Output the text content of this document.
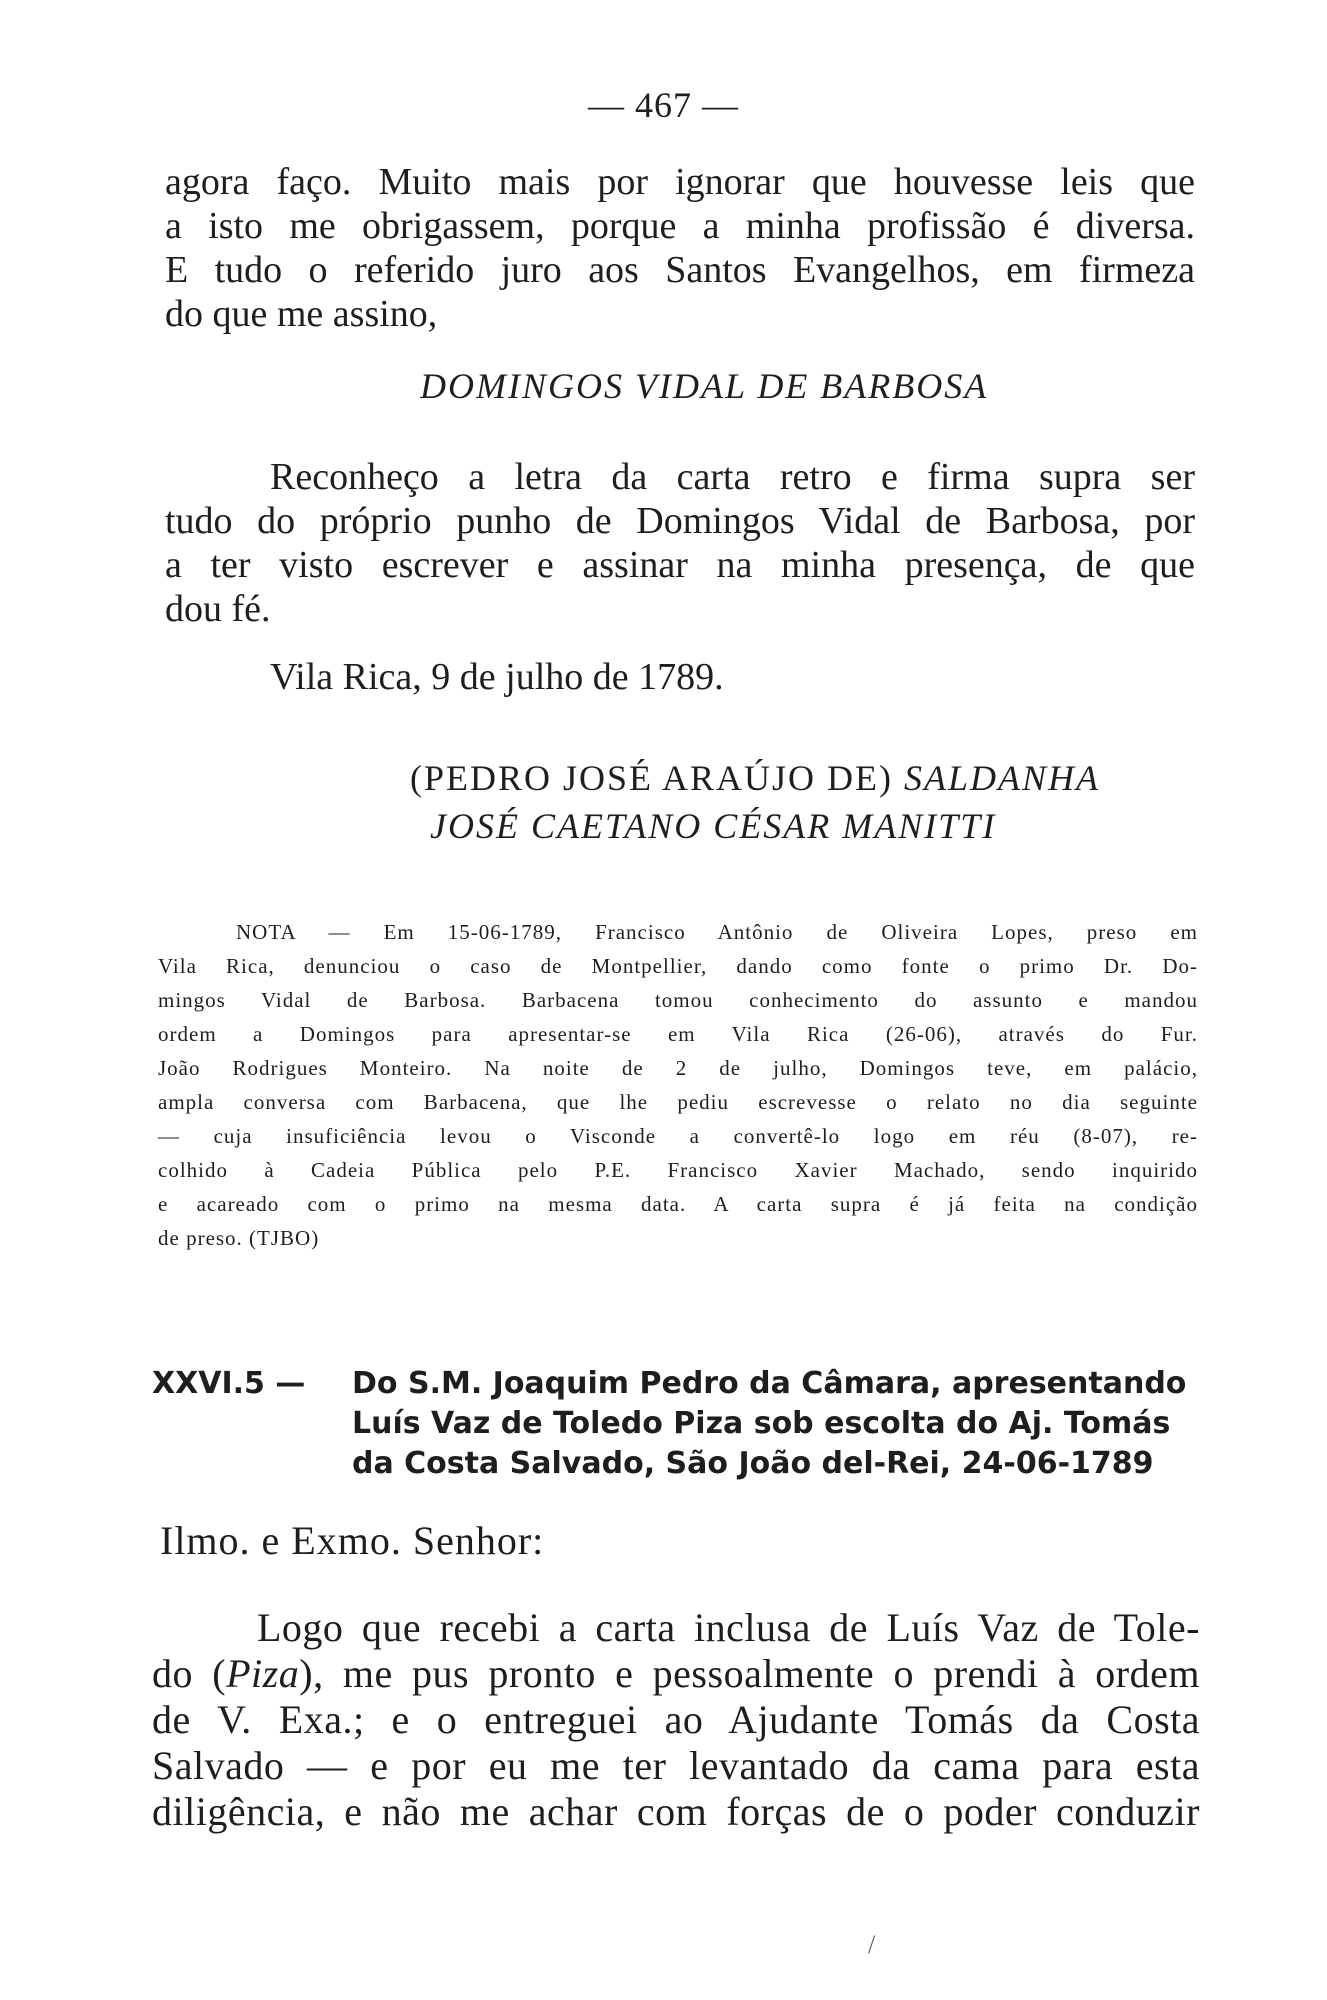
— 467 —
agora faço. Muito mais por ignorar que houvesse leis que
a isto me obrigassem, porque a minha profissão é diversa.
E tudo o referido juro aos Santos Evangelhos, em firmeza
do que me assino,
DOMINGOS VIDAL DE BARBOSA
Reconheço a letra da carta retro e firma supra ser
tudo do próprio punho de Domingos Vidal de Barbosa, por
a ter visto escrever e assinar na minha presença, de que
dou fé.
Vila Rica, 9 de julho de 1789.
(PEDRO JOSÉ ARAÚJO DE) SALDANHA
JOSÉ CAETANO CÉSAR MANITTI
NOTA — Em 15-06-1789, Francisco Antônio de Oliveira Lopes, preso em
Vila Rica, denunciou o caso de Montpellier, dando como fonte o primo Dr. Do-
mingos Vidal de Barbosa. Barbacena tomou conhecimento do assunto e mandou
ordem a Domingos para apresentar-se em Vila Rica (26-06), através do Fur.
João Rodrigues Monteiro. Na noite de 2 de julho, Domingos teve, em palácio,
ampla conversa com Barbacena, que lhe pediu escrevesse o relato no dia seguinte
— cuja insuficiência levou o Visconde a convertê-lo logo em réu (8-07), re-
colhido à Cadeia Pública pelo P.E. Francisco Xavier Machado, sendo inquirido
e acareado com o primo na mesma data. A carta supra é já feita na condição
de preso. (TJBO)
XXVI.5 — Do S.M. Joaquim Pedro da Câmara, apresentando
Luís Vaz de Toledo Piza sob escolta do Aj. Tomás
da Costa Salvado, São João del-Rei, 24-06-1789
Ilmo. e Exmo. Senhor:
Logo que recebi a carta inclusa de Luís Vaz de Tole-
do (Piza), me pus pronto e pessoalmente o prendi à ordem
de V. Exa.; e o entreguei ao Ajudante Tomás da Costa
Salvado — e por eu me ter levantado da cama para esta
diligência, e não me achar com forças de o poder conduzir
/
